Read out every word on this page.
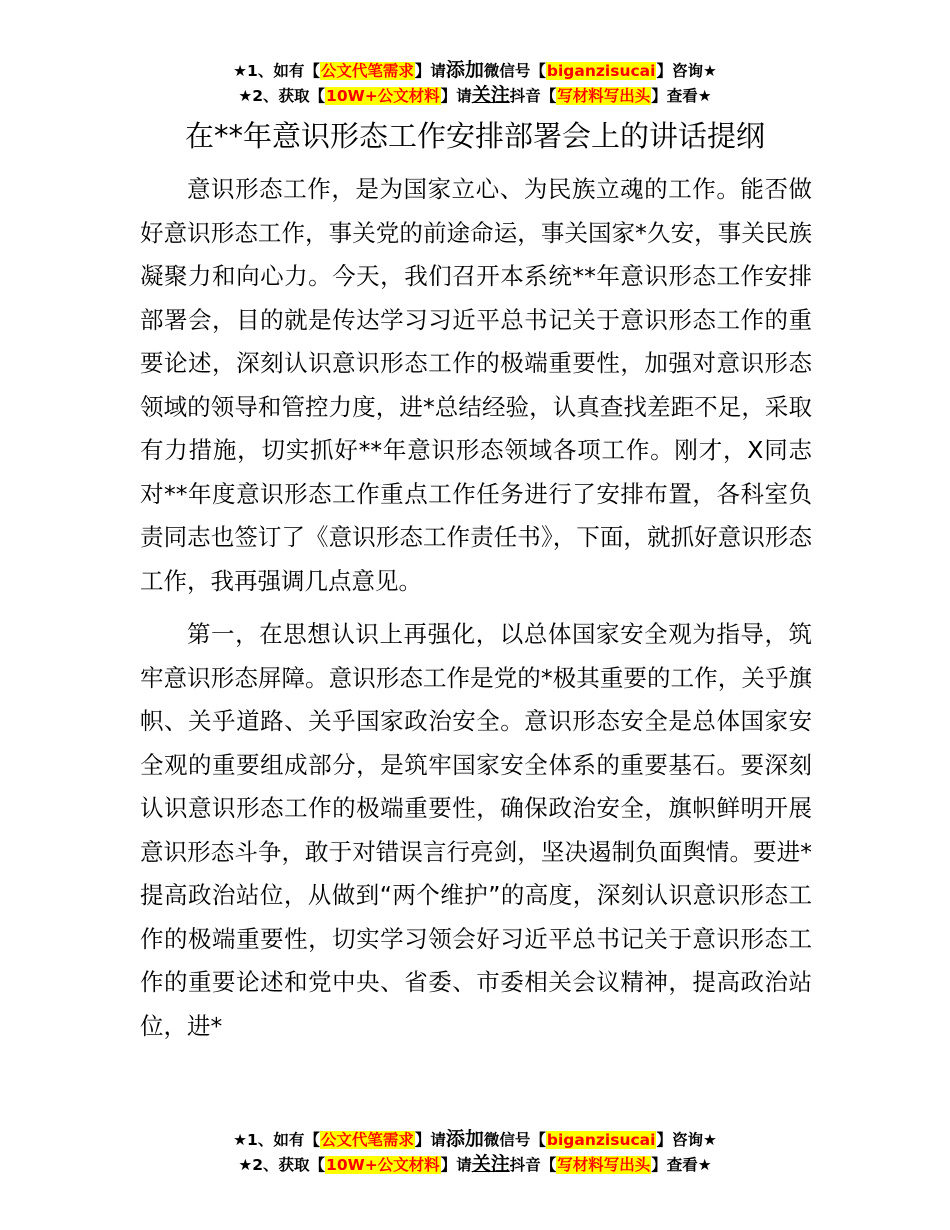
★1、如有【公文代笔需求】请添加微信号【biganzisucai】咨询★
★2、获取【10W+公文材料】请关注抖音【写材料写出头】查看★
在**年意识形态工作安排部署会上的讲话提纲

意识形态工作，是为国家立心、为民族立魂的工作。能否做好意识形态工作，事关党的前途命运，事关国家*久安，事关民族凝聚力和向心力。今天，我们召开本系统**年意识形态工作安排部署会，目的就是传达学习习近平总书记关于意识形态工作的重要论述，深刻认识意识形态工作的极端重要性，加强对意识形态领域的领导和管控力度，进*总结经验，认真查找差距不足，采取有力措施，切实抓好**年意识形态领域各项工作。刚才，X同志对**年度意识形态工作重点工作任务进行了安排布置，各科室负责同志也签订了《意识形态工作责任书》，下面，就抓好意识形态工作，我再强调几点意见。

第一，在思想认识上再强化，以总体国家安全观为指导，筑牢意识形态屏障。意识形态工作是党的*极其重要的工作，关乎旗帜、关乎道路、关乎国家政治安全。意识形态安全是总体国家安全观的重要组成部分，是筑牢国家安全体系的重要基石。要深刻认识意识形态工作的极端重要性，确保政治安全，旗帜鲜明开展意识形态斗争，敢于对错误言行亮剑，坚决遏制负面舆情。要进*提高政治站位，从做到“两个维护”的高度，深刻认识意识形态工作的极端重要性，切实学习领会好习近平总书记关于意识形态工作的重要论述和党中央、省委、市委相关会议精神，提高政治站位，进*

★1、如有【公文代笔需求】请添加微信号【biganzisucai】咨询★
★2、获取【10W+公文材料】请关注抖音【写材料写出头】查看★
